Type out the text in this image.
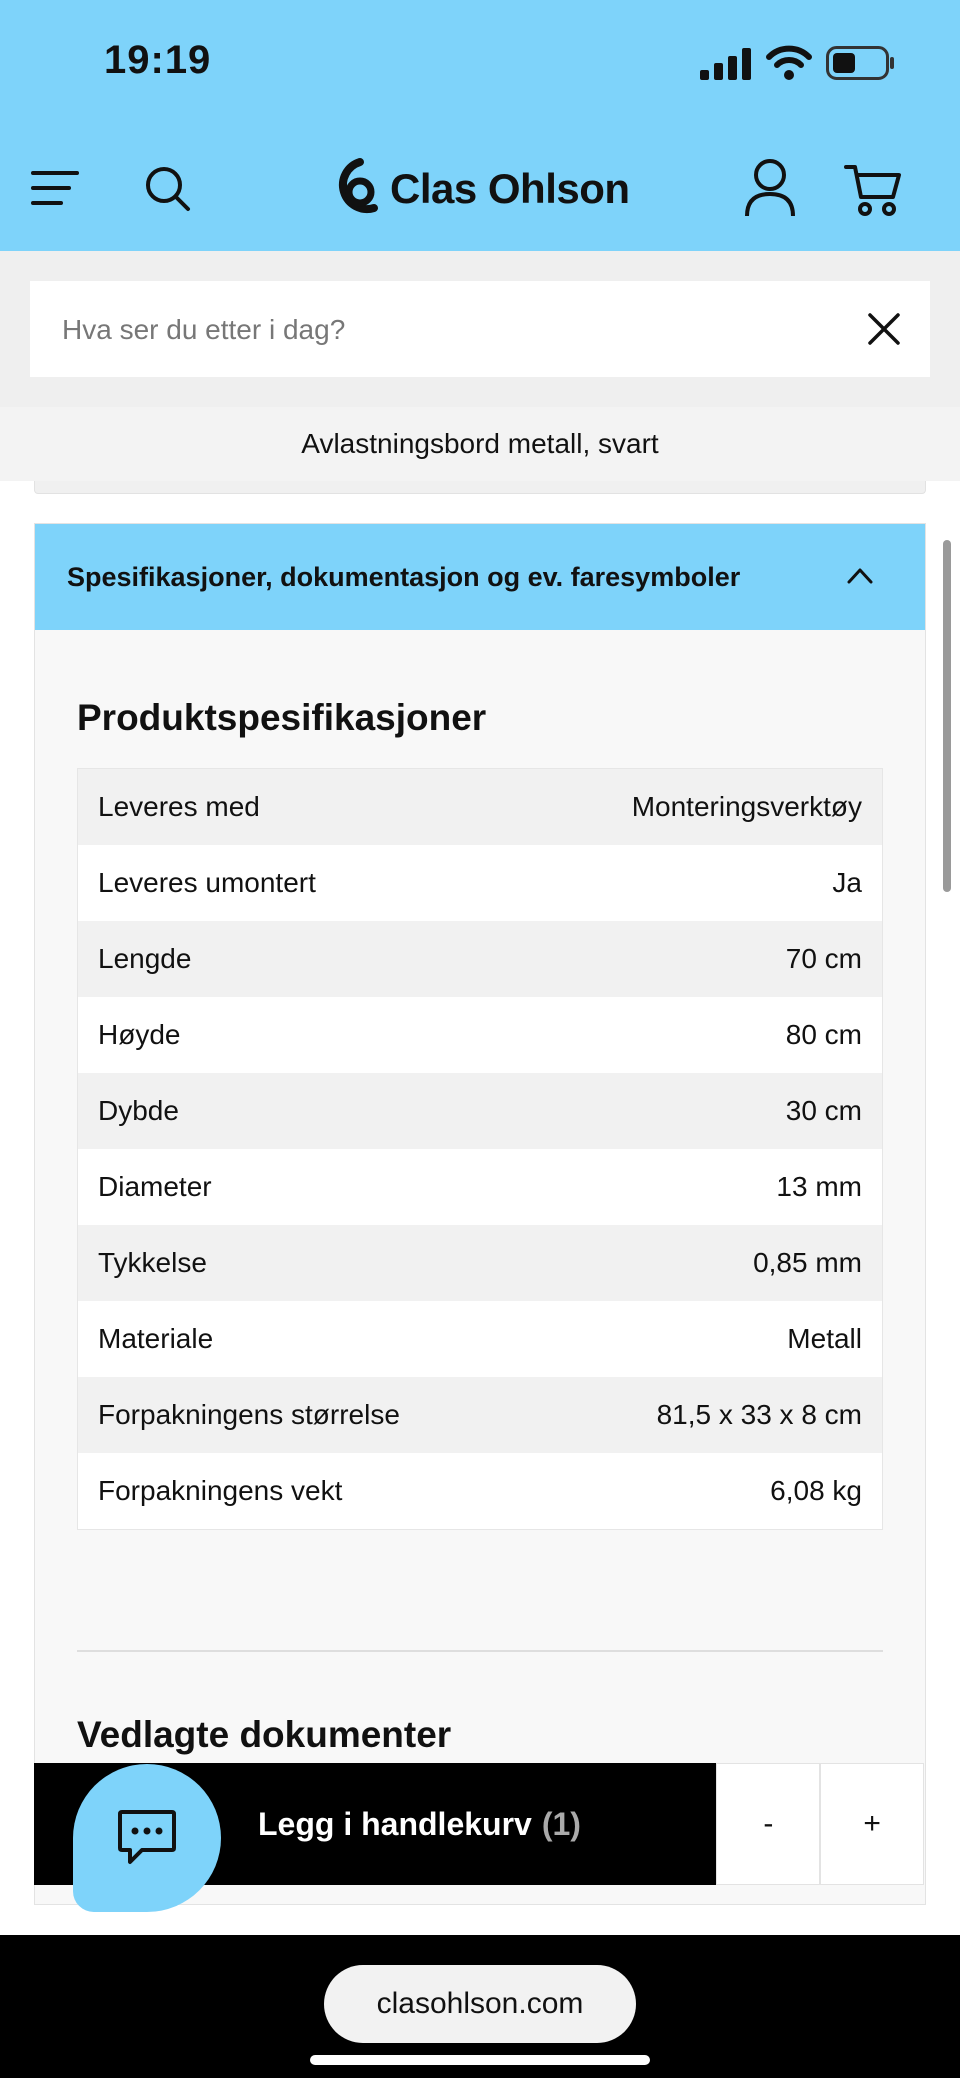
19:19
Clas Ohlson
Hva ser du etter i dag?
Avlastningsbord metall, svart
Spesifikasjoner, dokumentasjon og ev. faresymboler
Produktspesifikasjoner
Leveres med	Monteringsverktøy
Leveres umontert	Ja
Lengde	70 cm
Høyde	80 cm
Dybde	30 cm
Diameter	13 mm
Tykkelse	0,85 mm
Materiale	Metall
Forpakningens størrelse	81,5 x 33 x 8 cm
Forpakningens vekt	6,08 kg
Vedlagte dokumenter
Legg i handlekurv (1)	-	+
clasohlson.com
